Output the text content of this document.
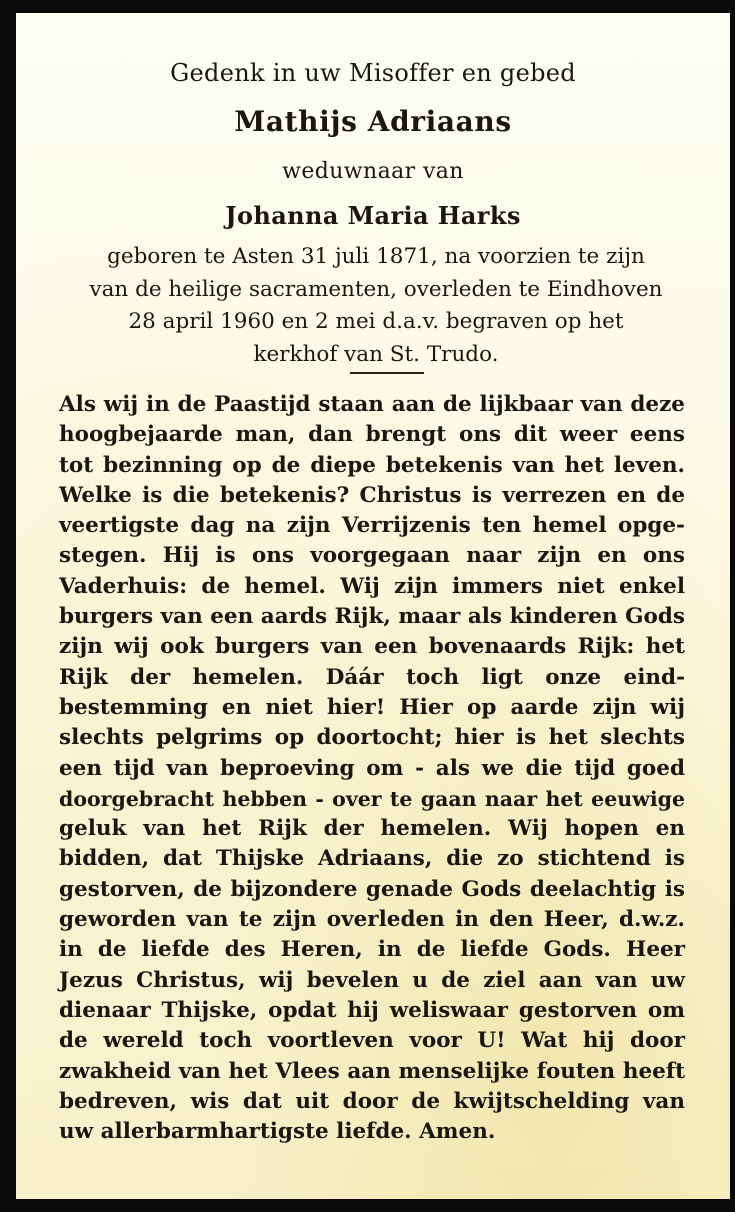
Gedenk in uw Misoffer en gebed
Mathijs Adriaans
weduwnaar van
Johanna Maria Harks
geboren te Asten 31 juli 1871, na voorzien te zijn
van de heilige sacramenten, overleden te Eindhoven
28 april 1960 en 2 mei d.a.v. begraven op het
kerkhof van St. Trudo.
Als wij in de Paastijd staan aan de lijkbaar van deze
hoogbejaarde man, dan brengt ons dit weer eens
tot bezinning op de diepe betekenis van het leven.
Welke is die betekenis? Christus is verrezen en de
veertigste dag na zijn Verrijzenis ten hemel opge-
stegen. Hij is ons voorgegaan naar zijn en ons
Vaderhuis: de hemel. Wij zijn immers niet enkel
burgers van een aards Rijk, maar als kinderen Gods
zijn wij ook burgers van een bovenaards Rijk: het
Rijk der hemelen. Dáár toch ligt onze eind-
bestemming en niet hier! Hier op aarde zijn wij
slechts pelgrims op doortocht; hier is het slechts
een tijd van beproeving om - als we die tijd goed
doorgebracht hebben - over te gaan naar het eeuwige
geluk van het Rijk der hemelen. Wij hopen en
bidden, dat Thijske Adriaans, die zo stichtend is
gestorven, de bijzondere genade Gods deelachtig is
geworden van te zijn overleden in den Heer, d.w.z.
in de liefde des Heren, in de liefde Gods. Heer
Jezus Christus, wij bevelen u de ziel aan van uw
dienaar Thijske, opdat hij weliswaar gestorven om
de wereld toch voortleven voor U! Wat hij door
zwakheid van het Vlees aan menselijke fouten heeft
bedreven, wis dat uit door de kwijtschelding van
uw allerbarmhartigste liefde. Amen.
